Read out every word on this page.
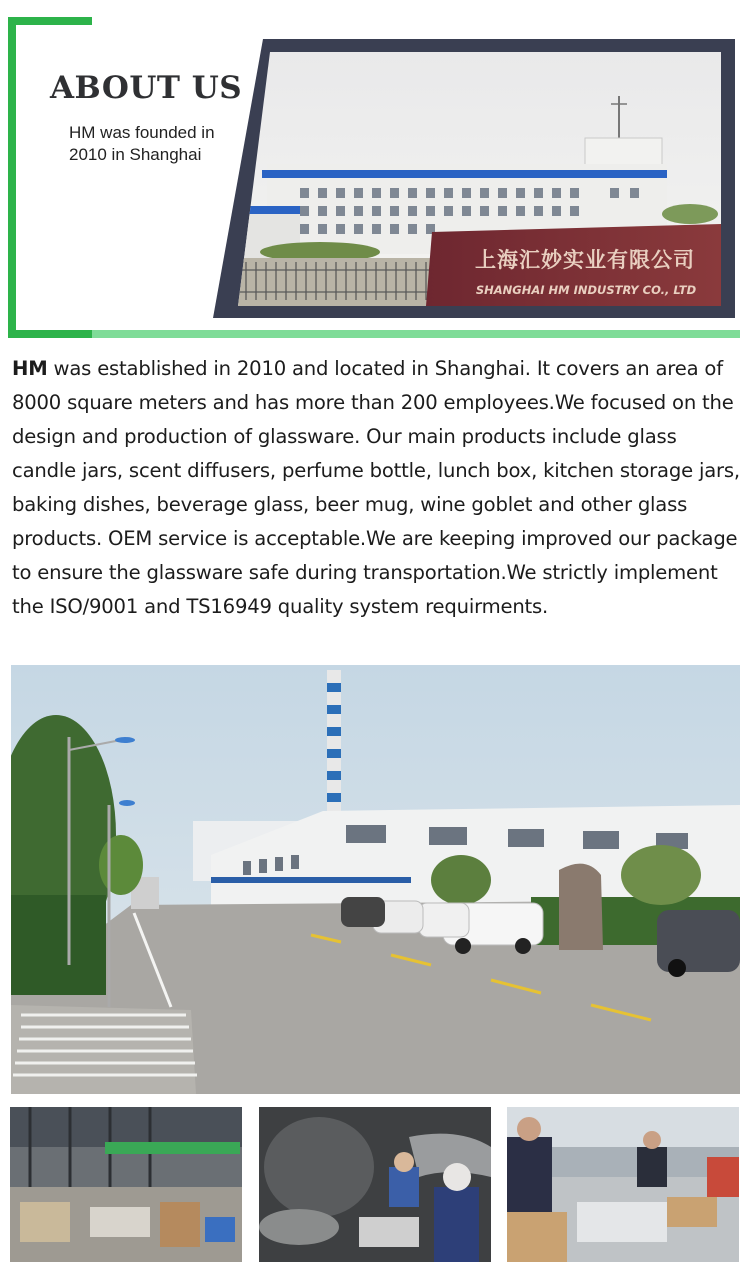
ABOUT US
HM was founded in 2010 in Shanghai
上海汇妙实业有限公司
SHANGHAI HM INDUSTRY CO., LTD
HM was established in 2010 and located in Shanghai. It covers an area of 8000 square meters and has more than 200 employees.We focused on the design and production of glassware. Our main products include glass candle jars, scent diffusers, perfume bottle, lunch box, kitchen storage jars, baking dishes, beverage glass, beer mug, wine goblet and other glass products. OEM service is acceptable.We are keeping improved our package to ensure the glassware safe during transportation.We strictly implement the ISO/9001 and TS16949 quality system requirments.
